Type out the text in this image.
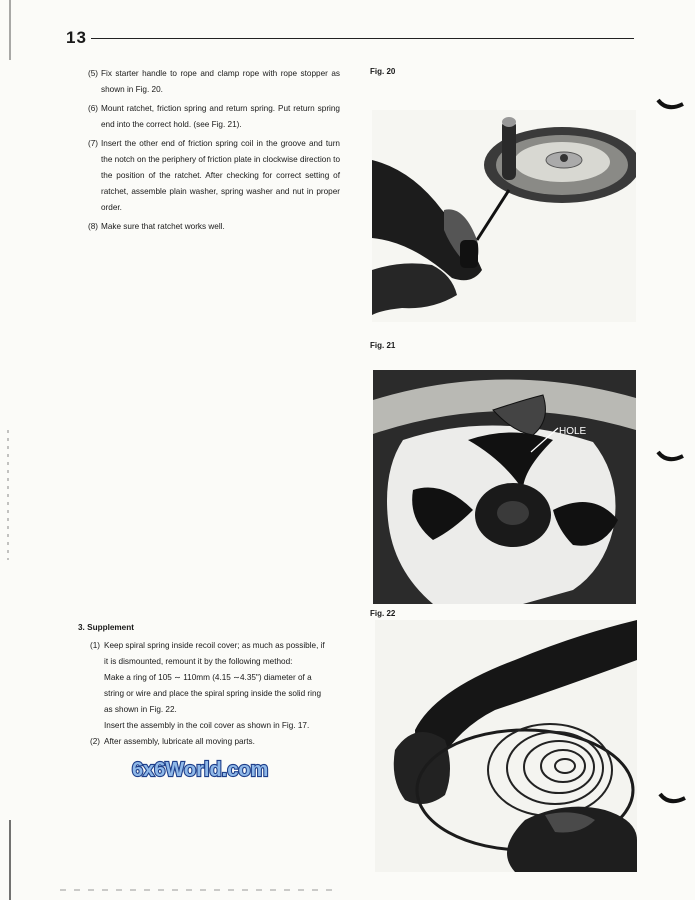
13
(5) Fix starter handle to rope and clamp rope with rope stopper as shown in Fig. 20.
(6) Mount ratchet, friction spring and return spring. Put return spring end into the correct hold. (see Fig. 21).
(7) Insert the other end of friction spring coil in the groove and turn the notch on the periphery of friction plate in clockwise direction to the position of the ratchet. After checking for correct setting of ratchet, assemble plain washer, spring washer and nut in proper order.
(8) Make sure that ratchet works well.
3. Supplement
(1) Keep spiral spring inside recoil cover; as much as possible, if
it is dismounted, remount it by the following method:
Make a ring of 105 ∼ 110mm (4.15 ∼4.35") diameter of a
string or wire and place the spiral spring inside the solid ring
as shown in Fig. 22.
Insert the assembly in the coil cover as shown in Fig. 17.
(2) After assembly, lubricate all moving parts.
Fig. 20
Fig. 21
HOLE
Fig. 22
6x6World.com
